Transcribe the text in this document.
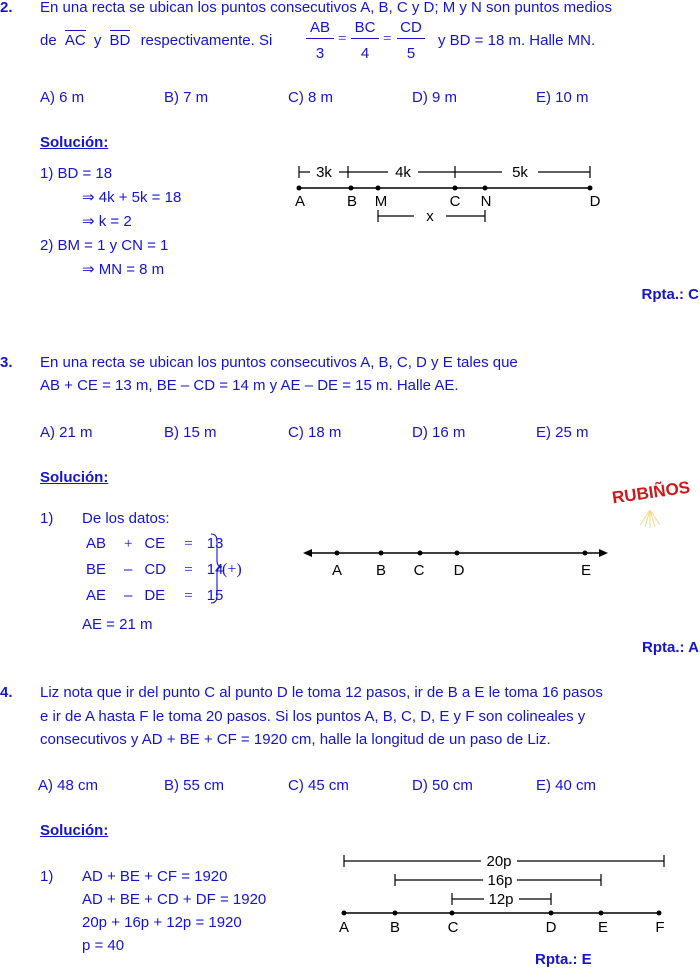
2. En una recta se ubican los puntos consecutivos A, B, C y D; M y N son puntos medios
de AC y BD respectivamente. Si
AB
3
=
BC
4
=
CD
5
y BD = 18 m. Halle MN.
A) 6 m	B) 7 m	C) 8 m	D) 9 m	E) 10 m
Solución:
1) BD = 18
⇒ 4k + 5k = 18
⇒ k = 2
2) BM = 1 y CN = 1
⇒ MN = 8 m
3k	4k	5k
x
A	B M	C N	D
Rpta.: C
3. En una recta se ubican los puntos consecutivos A, B, C, D y E tales que
AB + CE = 13 m, BE – CD = 14 m y AE – DE = 15 m. Halle AE.
A) 21 m	B) 15 m	C) 18 m	D) 16 m	E) 25 m
Solución:
1) De los datos:
AB + CE = 13
BE – CD = 14
AE – DE = 15
(+)
AE = 21 m
A B C D	E
RUBIÑOS
Rpta.: A
4. Liz nota que ir del punto C al punto D le toma 12 pasos, ir de B a E le toma 16 pasos
e ir de A hasta F le toma 20 pasos. Si los puntos A, B, C, D, E y F son colineales y
consecutivos y AD + BE + CF = 1920 cm, halle la longitud de un paso de Liz.
A) 48 cm	B) 55 cm	C) 45 cm	D) 50 cm	E) 40 cm
Solución:
1) AD + BE + CF = 1920
AD + BE + CD + DF = 1920
20p + 16p + 12p = 1920
p = 40
20p
16p
12p
A	B	C	D	E	F
Rpta.: E
